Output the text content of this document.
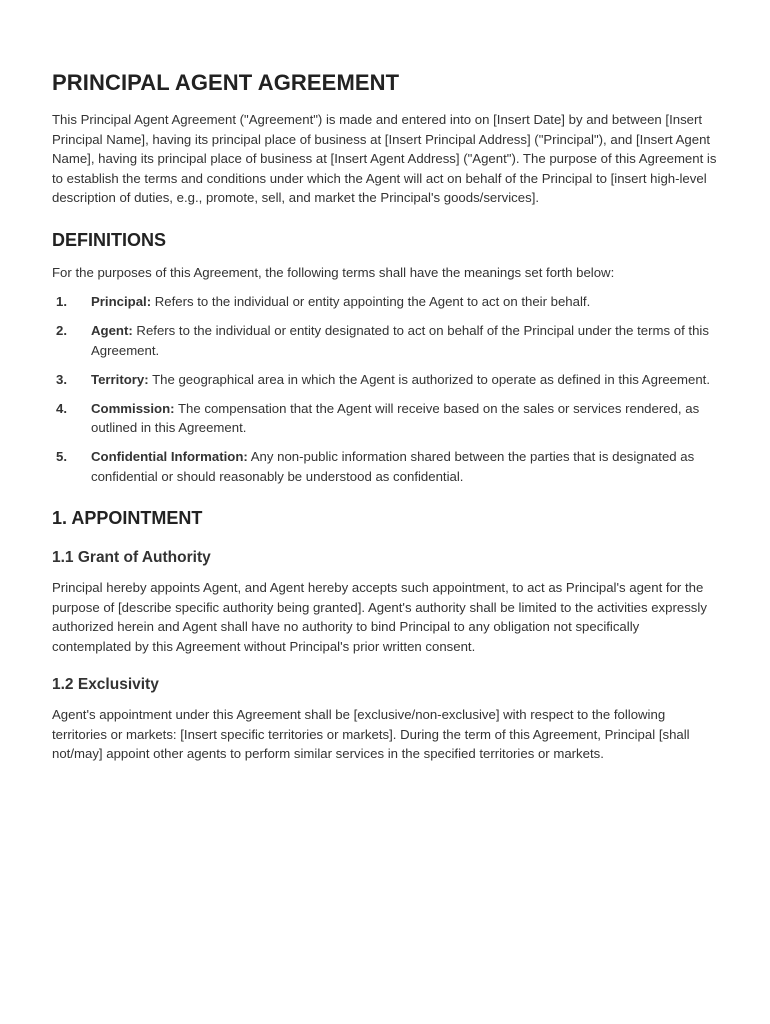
PRINCIPAL AGENT AGREEMENT

This Principal Agent Agreement ("Agreement") is made and entered into on [Insert Date] by and between [Insert Principal Name], having its principal place of business at [Insert Principal Address] ("Principal"), and [Insert Agent Name], having its principal place of business at [Insert Agent Address] ("Agent"). The purpose of this Agreement is to establish the terms and conditions under which the Agent will act on behalf of the Principal to [insert high-level description of duties, e.g., promote, sell, and market the Principal's goods/services].

DEFINITIONS

For the purposes of this Agreement, the following terms shall have the meanings set forth below:

1.	Principal: Refers to the individual or entity appointing the Agent to act on their behalf.
2.	Agent: Refers to the individual or entity designated to act on behalf of the Principal under the terms of this Agreement.
3.	Territory: The geographical area in which the Agent is authorized to operate as defined in this Agreement.
4.	Commission: The compensation that the Agent will receive based on the sales or services rendered, as outlined in this Agreement.
5.	Confidential Information: Any non-public information shared between the parties that is designated as confidential or should reasonably be understood as confidential.
1. APPOINTMENT
1.1 Grant of Authority

Principal hereby appoints Agent, and Agent hereby accepts such appointment, to act as Principal's agent for the purpose of [describe specific authority being granted]. Agent's authority shall be limited to the activities expressly authorized herein and Agent shall have no authority to bind Principal to any obligation not specifically contemplated by this Agreement without Principal's prior written consent.

1.2 Exclusivity

Agent's appointment under this Agreement shall be [exclusive/non-exclusive] with respect to the following territories or markets: [Insert specific territories or markets]. During the term of this Agreement, Principal [shall not/may] appoint other agents to perform similar services in the specified territories or markets.
